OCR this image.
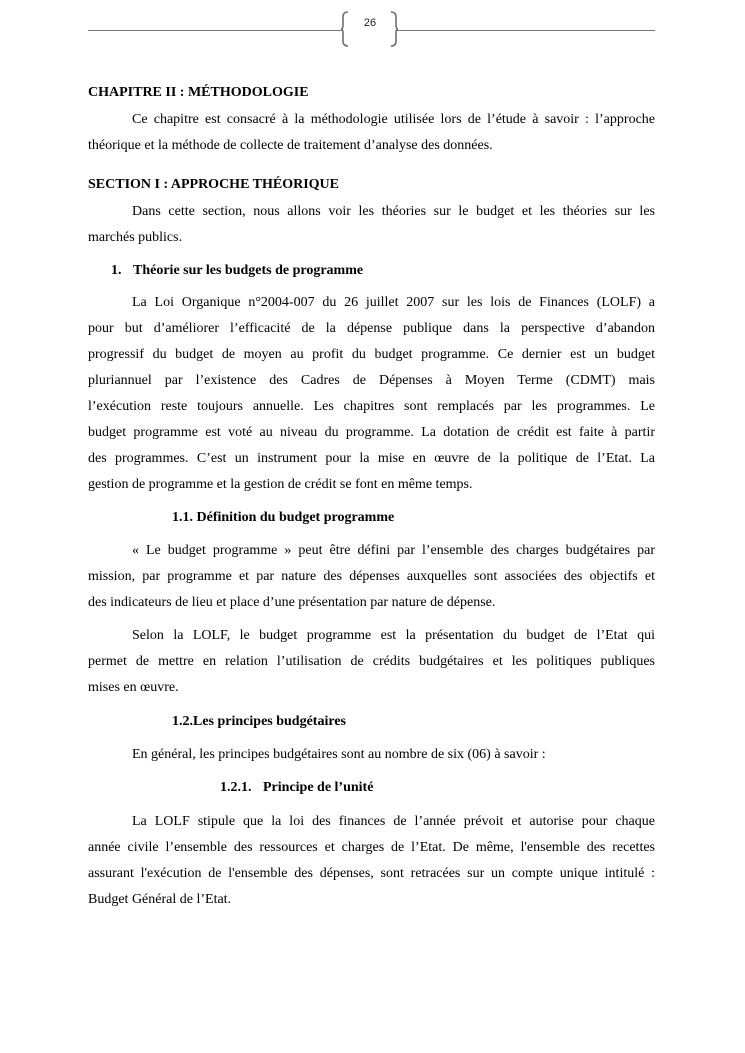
26

CHAPITRE II : MÉTHODOLOGIE

Ce chapitre est consacré à la méthodologie utilisée lors de l’étude à savoir : l’approche

théorique et la méthode de collecte de traitement d’analyse des données.

SECTION I : APPROCHE THÉORIQUE

Dans cette section, nous allons voir les théories sur le budget et les théories sur les

marchés publics.

1. Théorie sur les budgets de programme

La Loi Organique n°2004-007 du 26 juillet 2007 sur les lois de Finances (LOLF) a

pour but d’améliorer l’efficacité de la dépense publique dans la perspective d’abandon

progressif du budget de moyen au profit du budget programme. Ce dernier est un budget

pluriannuel par l’existence des Cadres de Dépenses à Moyen Terme (CDMT) mais

l’exécution reste toujours annuelle. Les chapitres sont remplacés par les programmes. Le

budget programme est voté au niveau du programme. La dotation de crédit est faite à partir

des programmes. C’est un instrument pour la mise en œuvre de la politique de l’Etat. La

gestion de programme et la gestion de crédit se font en même temps.

1.1. Définition du budget programme

« Le budget programme » peut être défini par l’ensemble des charges budgétaires par

mission, par programme et par nature des dépenses auxquelles sont associées des objectifs et

des indicateurs de lieu et place d’une présentation par nature de dépense.

Selon la LOLF, le budget programme est la présentation du budget de l’Etat qui

permet de mettre en relation l’utilisation de crédits budgétaires et les politiques publiques

mises en œuvre.

1.2.Les principes budgétaires

En général, les principes budgétaires sont au nombre de six (06) à savoir :

1.2.1. Principe de l’unité

La LOLF stipule que la loi des finances de l’année prévoit et autorise pour chaque

année civile l’ensemble des ressources et charges de l’Etat. De même, l'ensemble des recettes

assurant l'exécution de l'ensemble des dépenses, sont retracées sur un compte unique intitulé :

Budget Général de l’Etat.
